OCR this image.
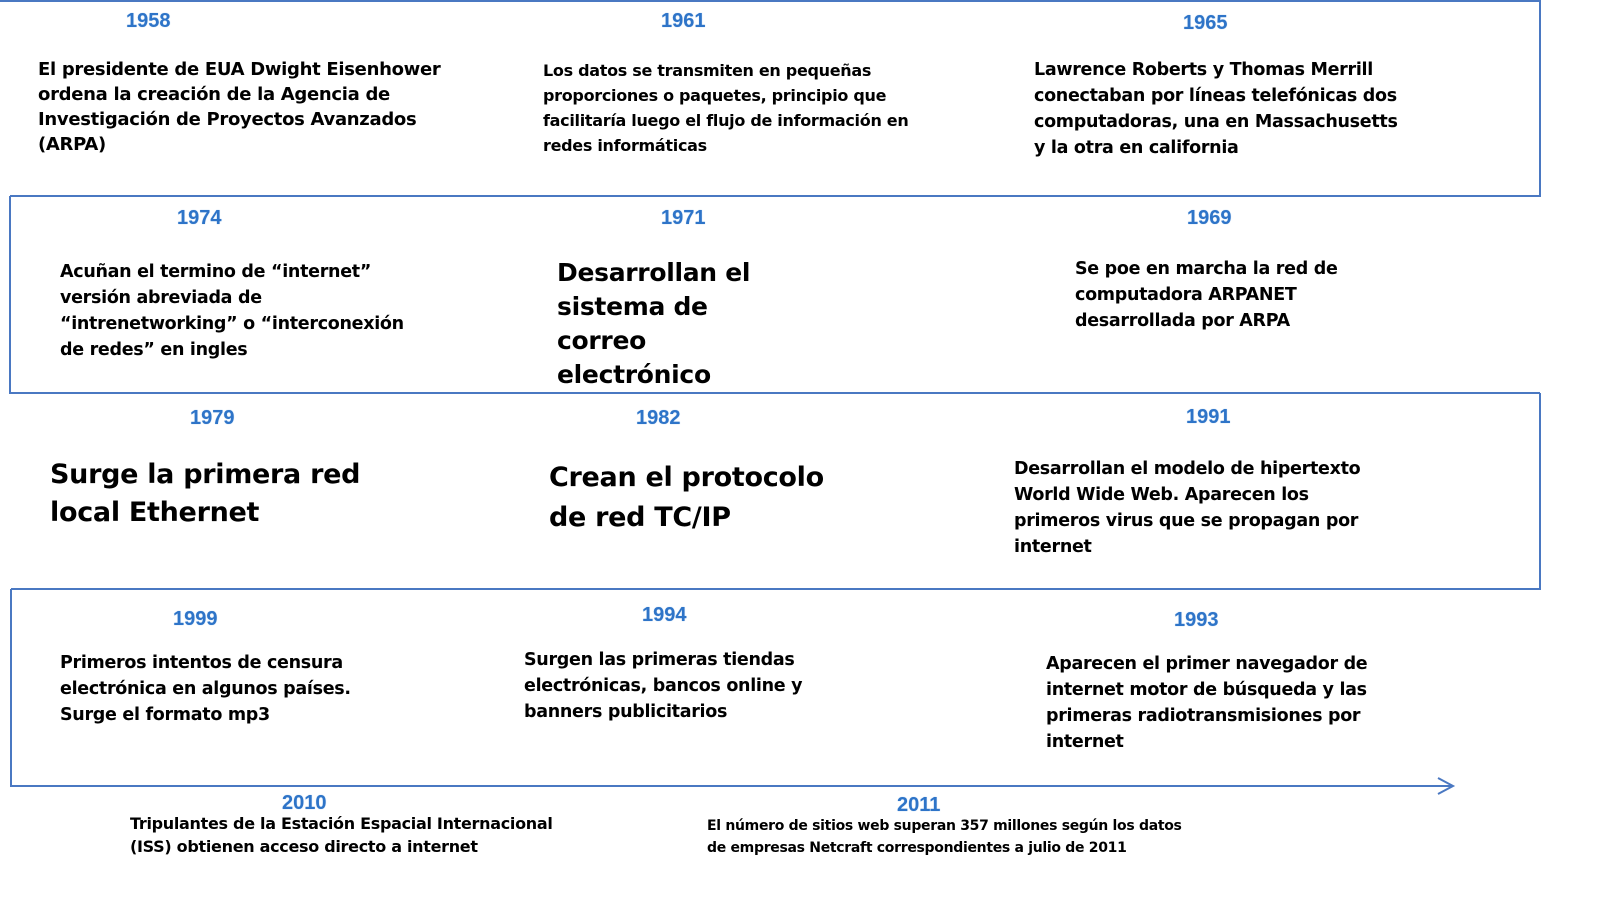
1958
El presidente de EUA Dwight Eisenhower ordena la creación de la Agencia de Investigación de Proyectos Avanzados (ARPA)
1961
Los datos se transmiten en pequeñas proporciones o paquetes, principio que facilitaría luego el flujo de información en redes informáticas
1965
Lawrence Roberts y Thomas Merrill conectaban por líneas telefónicas dos computadoras, una en Massachusetts y la otra en california
1974
Acuñan el termino de “internet” versión abreviada de “intrenetworking” o “interconexión de redes” en ingles
1971
Desarrollan el sistema de correo electrónico
1969
Se poe en marcha la red de computadora ARPANET desarrollada por ARPA
1979
Surge la primera red local Ethernet
1982
Crean el protocolo de red TC/IP
1991
Desarrollan el modelo de hipertexto World Wide Web. Aparecen los primeros virus que se propagan por internet
1999
Primeros intentos de censura electrónica en algunos países. Surge el formato mp3
1994
Surgen las primeras tiendas electrónicas, bancos online y banners publicitarios
1993
Aparecen el primer navegador de internet motor de búsqueda y las primeras radiotransmisiones por internet
2010
Tripulantes de la Estación Espacial Internacional (ISS) obtienen acceso directo a internet
2011
El número de sitios web superan 357 millones según los datos de empresas Netcraft correspondientes a julio de 2011
